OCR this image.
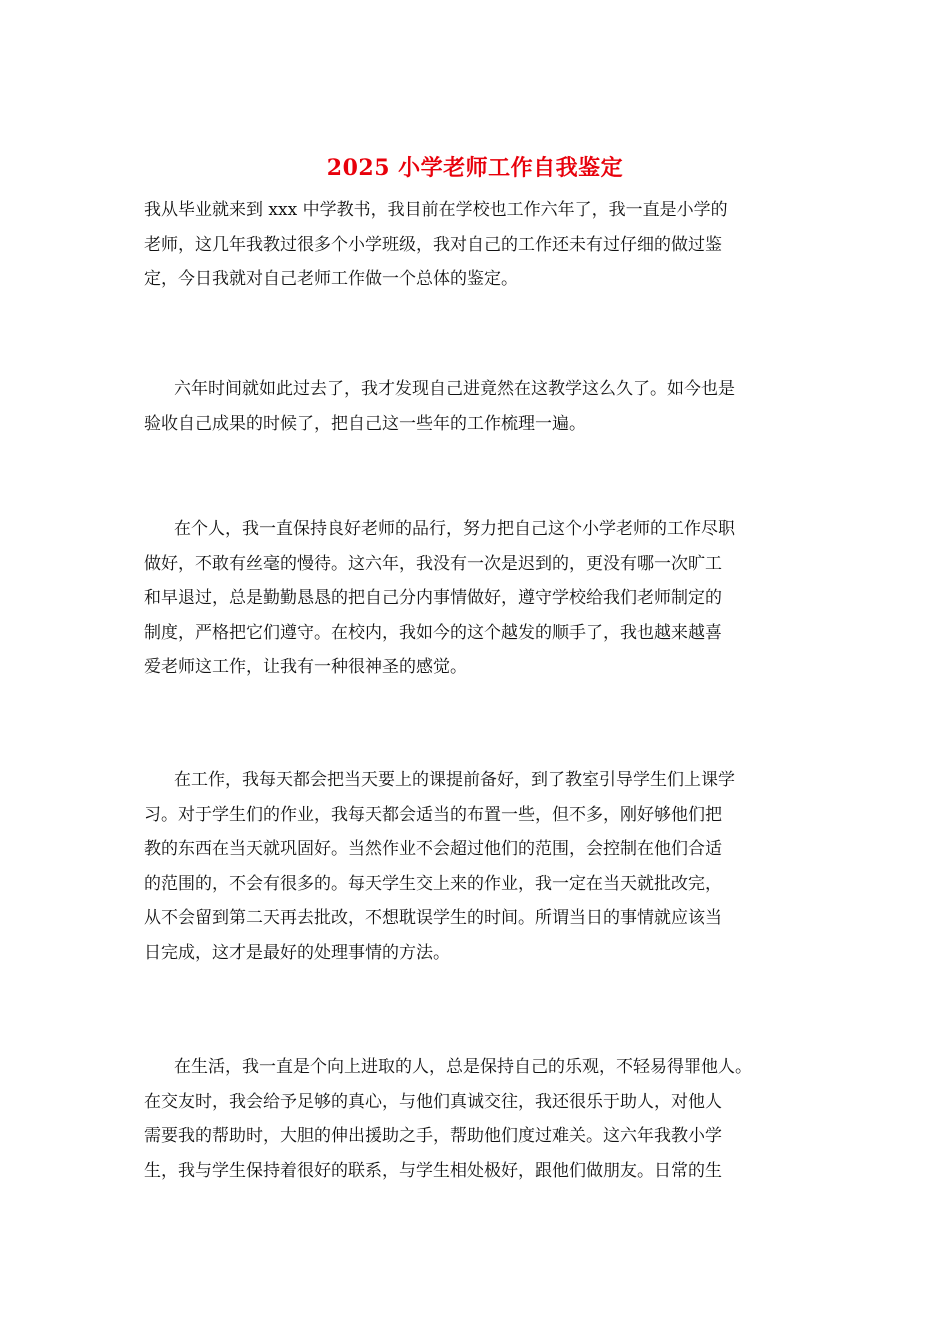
2025 小学老师工作自我鉴定
我从毕业就来到 xxx 中学教书，我目前在学校也工作六年了，我一直是小学的
老师，这几年我教过很多个小学班级，我对自己的工作还未有过仔细的做过鉴
定，今日我就对自己老师工作做一个总体的鉴定。
六年时间就如此过去了，我才发现自己进竟然在这教学这么久了。如今也是
验收自己成果的时候了，把自己这一些年的工作梳理一遍。
在个人，我一直保持良好老师的品行，努力把自己这个小学老师的工作尽职
做好，不敢有丝毫的慢待。这六年，我没有一次是迟到的，更没有哪一次旷工
和早退过，总是勤勤恳恳的把自己分内事情做好，遵守学校给我们老师制定的
制度，严格把它们遵守。在校内，我如今的这个越发的顺手了，我也越来越喜
爱老师这工作，让我有一种很神圣的感觉。
在工作，我每天都会把当天要上的课提前备好，到了教室引导学生们上课学
习。对于学生们的作业，我每天都会适当的布置一些，但不多，刚好够他们把
教的东西在当天就巩固好。当然作业不会超过他们的范围，会控制在他们合适
的范围的，不会有很多的。每天学生交上来的作业，我一定在当天就批改完，
从不会留到第二天再去批改，不想耽误学生的时间。所谓当日的事情就应该当
日完成，这才是最好的处理事情的方法。
在生活，我一直是个向上进取的人，总是保持自己的乐观，不轻易得罪他人。
在交友时，我会给予足够的真心，与他们真诚交往，我还很乐于助人，对他人
需要我的帮助时，大胆的伸出援助之手，帮助他们度过难关。这六年我教小学
生，我与学生保持着很好的联系，与学生相处极好，跟他们做朋友。日常的生
